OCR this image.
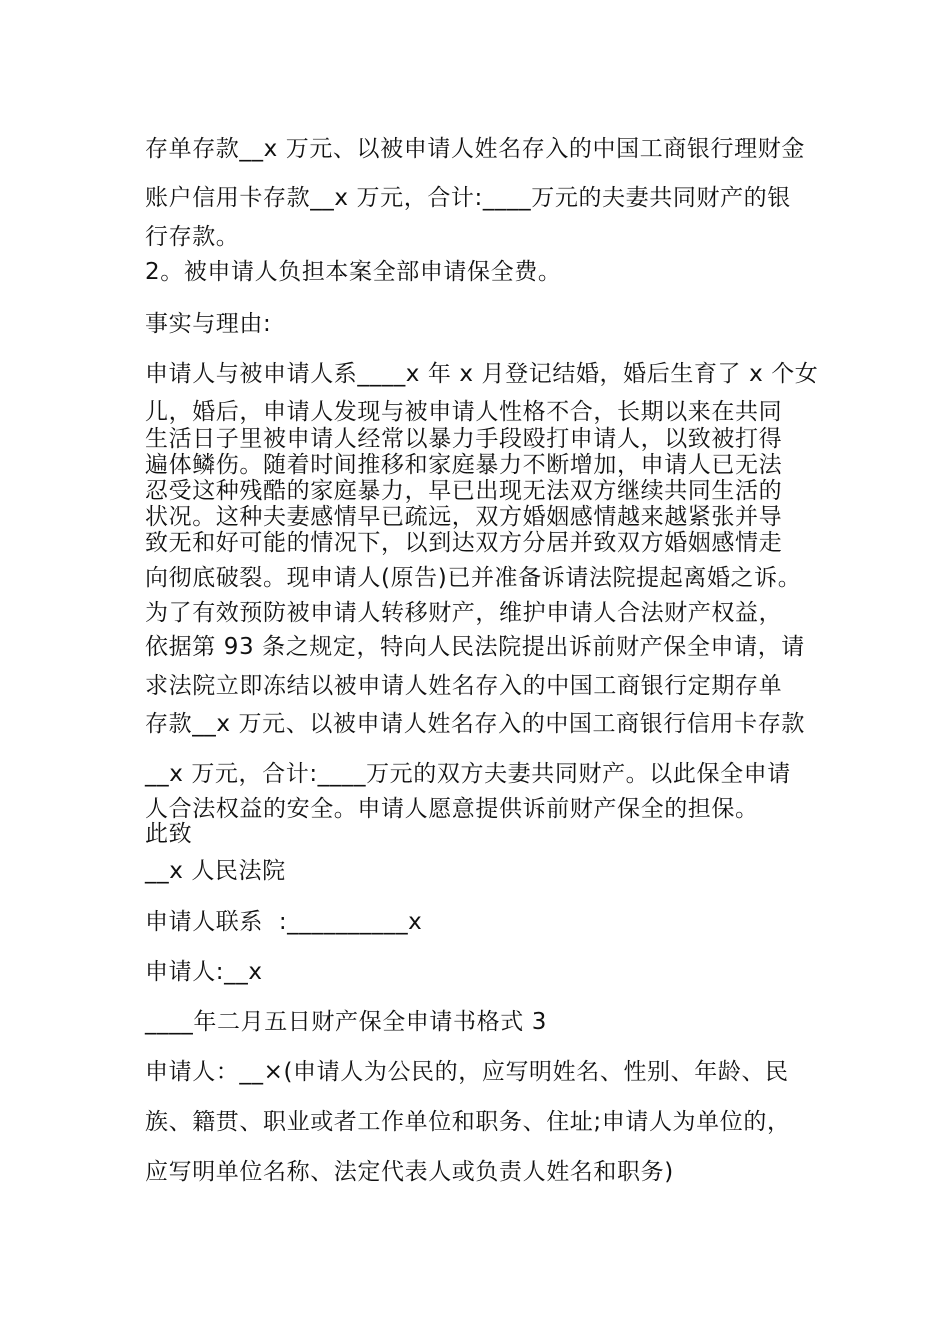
存单存款__x 万元、以被申请人姓名存入的中国工商银行理财金
账户信用卡存款__x 万元，合计:____万元的夫妻共同财产的银
行存款。
2。被申请人负担本案全部申请保全费。
事实与理由:
申请人与被申请人系____x 年 x 月登记结婚，婚后生育了 x 个女
儿，婚后，申请人发现与被申请人性格不合，长期以来在共同
生活日子里被申请人经常以暴力手段殴打申请人，以致被打得
遍体鳞伤。随着时间推移和家庭暴力不断增加，申请人已无法
忍受这种残酷的家庭暴力，早已出现无法双方继续共同生活的
状况。这种夫妻感情早已疏远，双方婚姻感情越来越紧张并导
致无和好可能的情况下，以到达双方分居并致双方婚姻感情走
向彻底破裂。现申请人(原告)已并准备诉请法院提起离婚之诉。
为了有效预防被申请人转移财产，维护申请人合法财产权益，
依据第 93 条之规定，特向人民法院提出诉前财产保全申请，请
求法院立即冻结以被申请人姓名存入的中国工商银行定期存单
存款__x 万元、以被申请人姓名存入的中国工商银行信用卡存款
__x 万元，合计:____万元的双方夫妻共同财产。以此保全申请
人合法权益的安全。申请人愿意提供诉前财产保全的担保。
此致
__x 人民法院
申请人联系  :__________x
申请人:__x
____年二月五日财产保全申请书格式 3
申请人：__×(申请人为公民的，应写明姓名、性别、年龄、民
族、籍贯、职业或者工作单位和职务、住址;申请人为单位的，
应写明单位名称、法定代表人或负责人姓名和职务)
